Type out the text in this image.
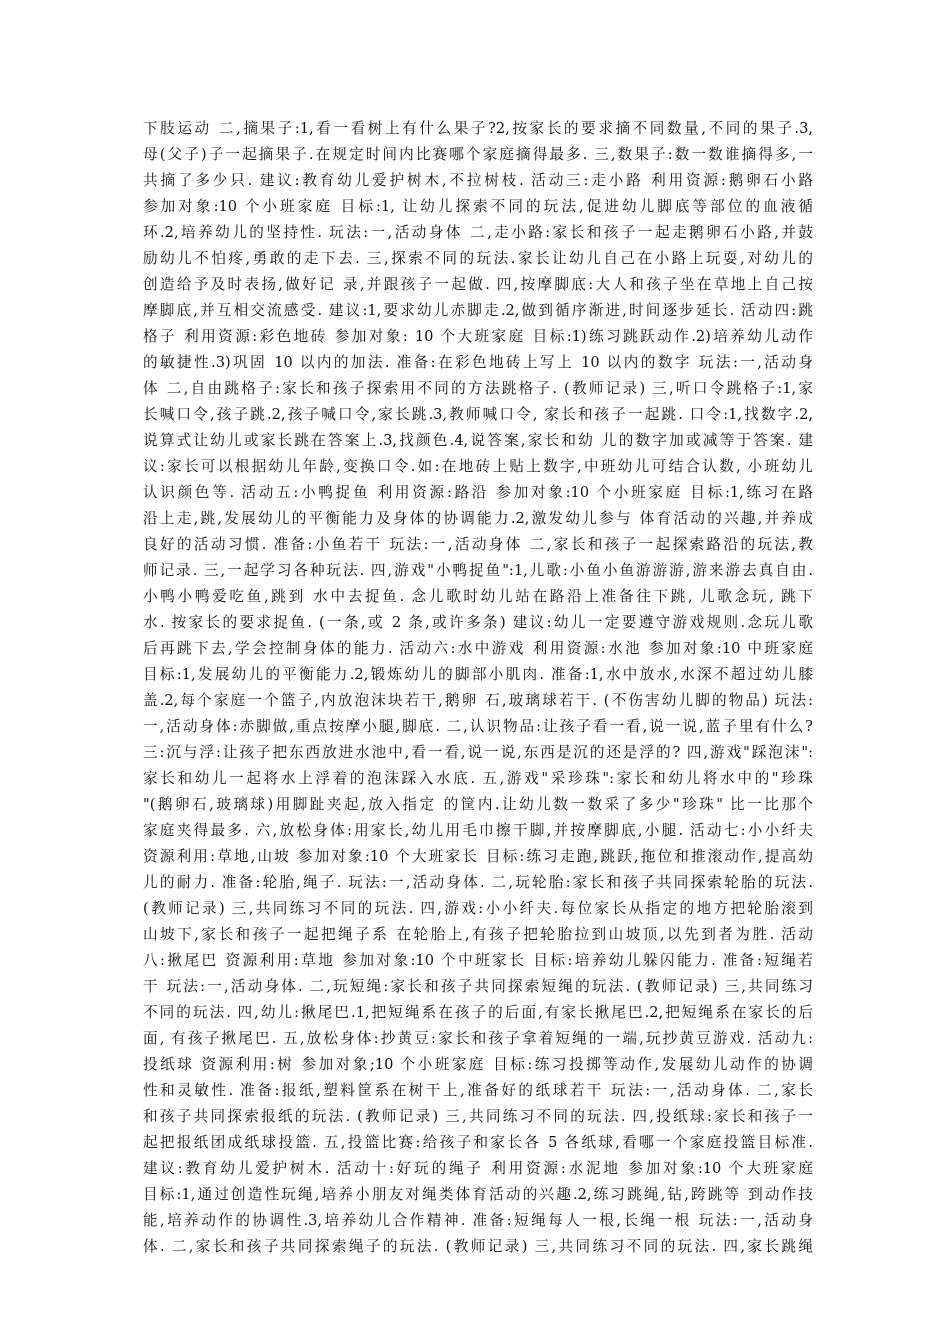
下肢运动 二,摘果子:1,看一看树上有什么果子?2,按家长的要求摘不同数量,不同的果子.3,
母(父子)子一起摘果子.在规定时间内比赛哪个家庭摘得最多. 三,数果子:数一数谁摘得多,一
共摘了多少只. 建议:教育幼儿爱护树木,不拉树枝. 活动三:走小路 利用资源:鹅卵石小路
参加对象:10 个小班家庭 目标:1, 让幼儿探索不同的玩法,促进幼儿脚底等部位的血液循
环.2,培养幼儿的坚持性. 玩法:一,活动身体 二,走小路:家长和孩子一起走鹅卵石小路,并鼓
励幼儿不怕疼,勇敢的走下去. 三,探索不同的玩法.家长让幼儿自己在小路上玩耍,对幼儿的
创造给予及时表扬,做好记 录,并跟孩子一起做. 四,按摩脚底:大人和孩子坐在草地上自己按
摩脚底,并互相交流感受. 建议:1,要求幼儿赤脚走.2,做到循序渐进,时间逐步延长. 活动四:跳
格子 利用资源:彩色地砖 参加对象: 10 个大班家庭 目标:1)练习跳跃动作.2)培养幼儿动作
的敏捷性.3)巩固 10 以内的加法. 准备:在彩色地砖上写上 10 以内的数字 玩法:一,活动身
体 二,自由跳格子:家长和孩子探索用不同的方法跳格子. (教师记录) 三,听口令跳格子:1,家
长喊口令,孩子跳.2,孩子喊口令,家长跳.3,教师喊口令, 家长和孩子一起跳. 口令:1,找数字.2,
说算式让幼儿或家长跳在答案上.3,找颜色.4,说答案,家长和幼 儿的数字加或减等于答案. 建
议:家长可以根据幼儿年龄,变换口令.如:在地砖上贴上数字,中班幼儿可结合认数, 小班幼儿
认识颜色等. 活动五:小鸭捉鱼 利用资源:路沿 参加对象:10 个小班家庭 目标:1,练习在路
沿上走,跳,发展幼儿的平衡能力及身体的协调能力.2,激发幼儿参与 体育活动的兴趣,并养成
良好的活动习惯. 准备:小鱼若干 玩法:一,活动身体 二,家长和孩子一起探索路沿的玩法,教
师记录. 三,一起学习各种玩法. 四,游戏"小鸭捉鱼":1,儿歌:小鱼小鱼游游游,游来游去真自由.
小鸭小鸭爱吃鱼,跳到 水中去捉鱼. 念儿歌时幼儿站在路沿上准备往下跳, 儿歌念玩, 跳下
水. 按家长的要求捉鱼. (一条,或 2 条,或许多条) 建议:幼儿一定要遵守游戏规则.念玩儿歌
后再跳下去,学会控制身体的能力. 活动六:水中游戏 利用资源:水池 参加对象:10 中班家庭
目标:1,发展幼儿的平衡能力.2,锻炼幼儿的脚部小肌肉. 准备:1,水中放水,水深不超过幼儿膝
盖.2,每个家庭一个篮子,内放泡沫块若干,鹅卵 石,玻璃球若干. (不伤害幼儿脚的物品) 玩法:
一,活动身体:赤脚做,重点按摩小腿,脚底. 二,认识物品:让孩子看一看,说一说,蓝子里有什么?
三:沉与浮:让孩子把东西放进水池中,看一看,说一说,东西是沉的还是浮的? 四,游戏"踩泡沫":
家长和幼儿一起将水上浮着的泡沫踩入水底. 五,游戏"采珍珠":家长和幼儿将水中的"珍珠
"(鹅卵石,玻璃球)用脚趾夹起,放入指定 的筐内.让幼儿数一数采了多少"珍珠" 比一比那个
家庭夹得最多. 六,放松身体:用家长,幼儿用毛巾擦干脚,并按摩脚底,小腿. 活动七:小小纤夫
资源利用:草地,山坡 参加对象:10 个大班家长 目标:练习走跑,跳跃,拖位和推滚动作,提高幼
儿的耐力. 准备:轮胎,绳子. 玩法:一,活动身体. 二,玩轮胎:家长和孩子共同探索轮胎的玩法.
(教师记录) 三,共同练习不同的玩法. 四,游戏:小小纤夫.每位家长从指定的地方把轮胎滚到
山坡下,家长和孩子一起把绳子系 在轮胎上,有孩子把轮胎拉到山坡顶,以先到者为胜. 活动
八:揪尾巴 资源利用:草地 参加对象:10 个中班家长 目标:培养幼儿躲闪能力. 准备:短绳若
干 玩法:一,活动身体. 二,玩短绳:家长和孩子共同探索短绳的玩法. (教师记录) 三,共同练习
不同的玩法. 四,幼儿:揪尾巴.1,把短绳系在孩子的后面,有家长揪尾巴.2,把短绳系在家长的后
面, 有孩子揪尾巴. 五,放松身体:抄黄豆:家长和孩子拿着短绳的一端,玩抄黄豆游戏. 活动九:
投纸球 资源利用:树 参加对象;10 个小班家庭 目标:练习投掷等动作,发展幼儿动作的协调
性和灵敏性. 准备:报纸,塑料筐系在树干上,准备好的纸球若干 玩法:一,活动身体. 二,家长
和孩子共同探索报纸的玩法. (教师记录) 三,共同练习不同的玩法. 四,投纸球:家长和孩子一
起把报纸团成纸球投篮. 五,投篮比赛:给孩子和家长各 5 各纸球,看哪一个家庭投篮目标准.
建议:教育幼儿爱护树木. 活动十:好玩的绳子 利用资源:水泥地 参加对象:10 个大班家庭
目标:1,通过创造性玩绳,培养小朋友对绳类体育活动的兴趣.2,练习跳绳,钻,跨跳等 到动作技
能,培养动作的协调性.3,培养幼儿合作精神. 准备:短绳每人一根,长绳一根 玩法:一,活动身
体. 二,家长和孩子共同探索绳子的玩法. (教师记录) 三,共同练习不同的玩法. 四,家长跳绳
